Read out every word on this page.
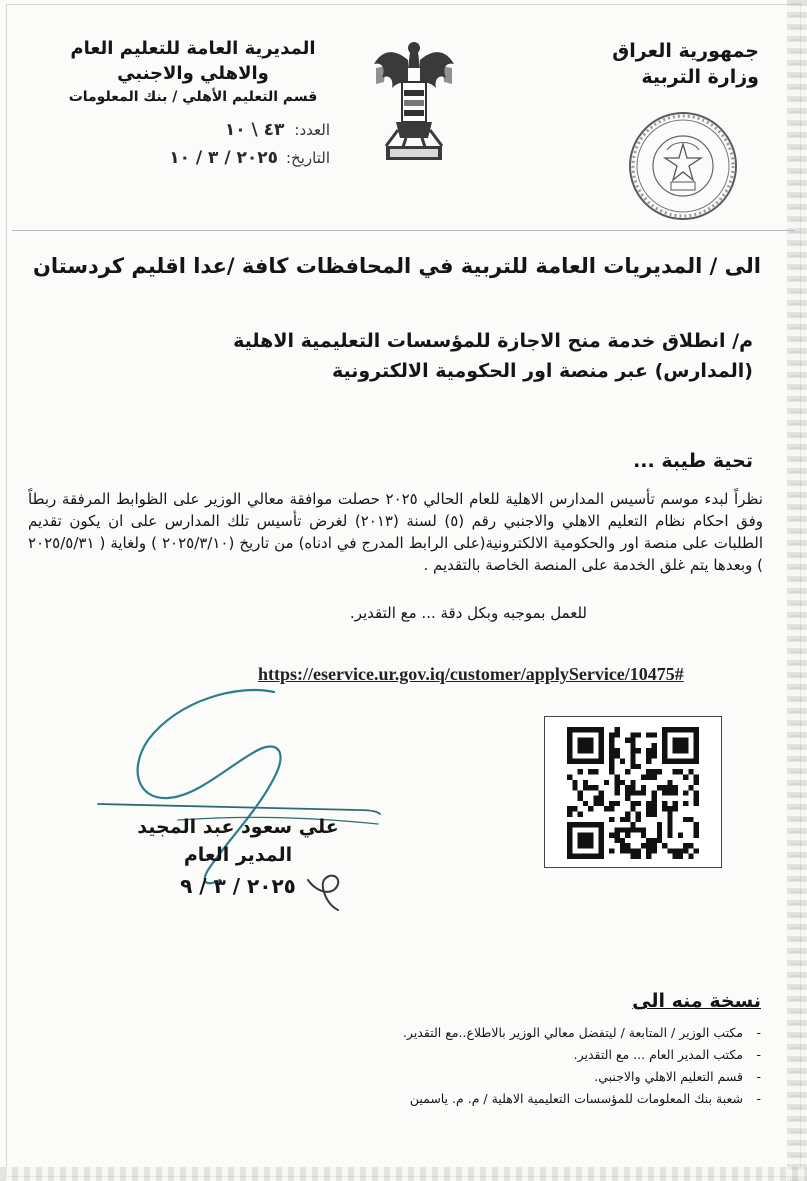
جمهورية العراق
وزارة التربية
المديرية العامة للتعليم العام
والاهلي والاجنبي
قسم التعليم الأهلي / بنك المعلومات
العدد:
٤٣ \ ١٠
التاريخ:
٢٠٢٥ / ٣ / ١٠
الى / المديريات العامة للتربية في المحافظات كافة /عدا اقليم كردستان
م/ انطلاق خدمة منح الاجازة للمؤسسات التعليمية الاهلية
(المدارس) عبر منصة اور الحكومية الالكترونية
تحية طيبة ...
نظراً لبدء موسم تأسيس المدارس الاهلية للعام الحالي ٢٠٢٥ حصلت موافقة معالي الوزير على الظوابط المرفقة ربطاً وفق احكام نظام التعليم الاهلي والاجنبي رقم (٥) لسنة (٢٠١٣) لغرض تأسيس تلك المدارس على ان يكون تقديم الطلبات على منصة اور والحكومية الالكترونية(على الرابط المدرج في ادناه) من تاريخ (٢٠٢٥/٣/١٠ ) ولغاية ( ٢٠٢٥/٥/٣١ ) وبعدها يتم غلق الخدمة على المنصة الخاصة بالتقديم .
للعمل بموجبه وبكل دقة ... مع التقدير.
https://eservice.ur.gov.iq/customer/applyService/10475#
علي سعود عبد المجيد
المدير العام
٢٠٢٥ / ٣ / ٩
نسخة منه الى
-
مكتب الوزير / المتابعة / ليتفضل معالي الوزير بالاطلاع..مع التقدير.
-
مكتب المدير العام ... مع التقدير.
-
قسم التعليم الاهلي والاجنبي.
-
شعبة بنك المعلومات للمؤسسات التعليمية الاهلية / م. م. ياسمين
